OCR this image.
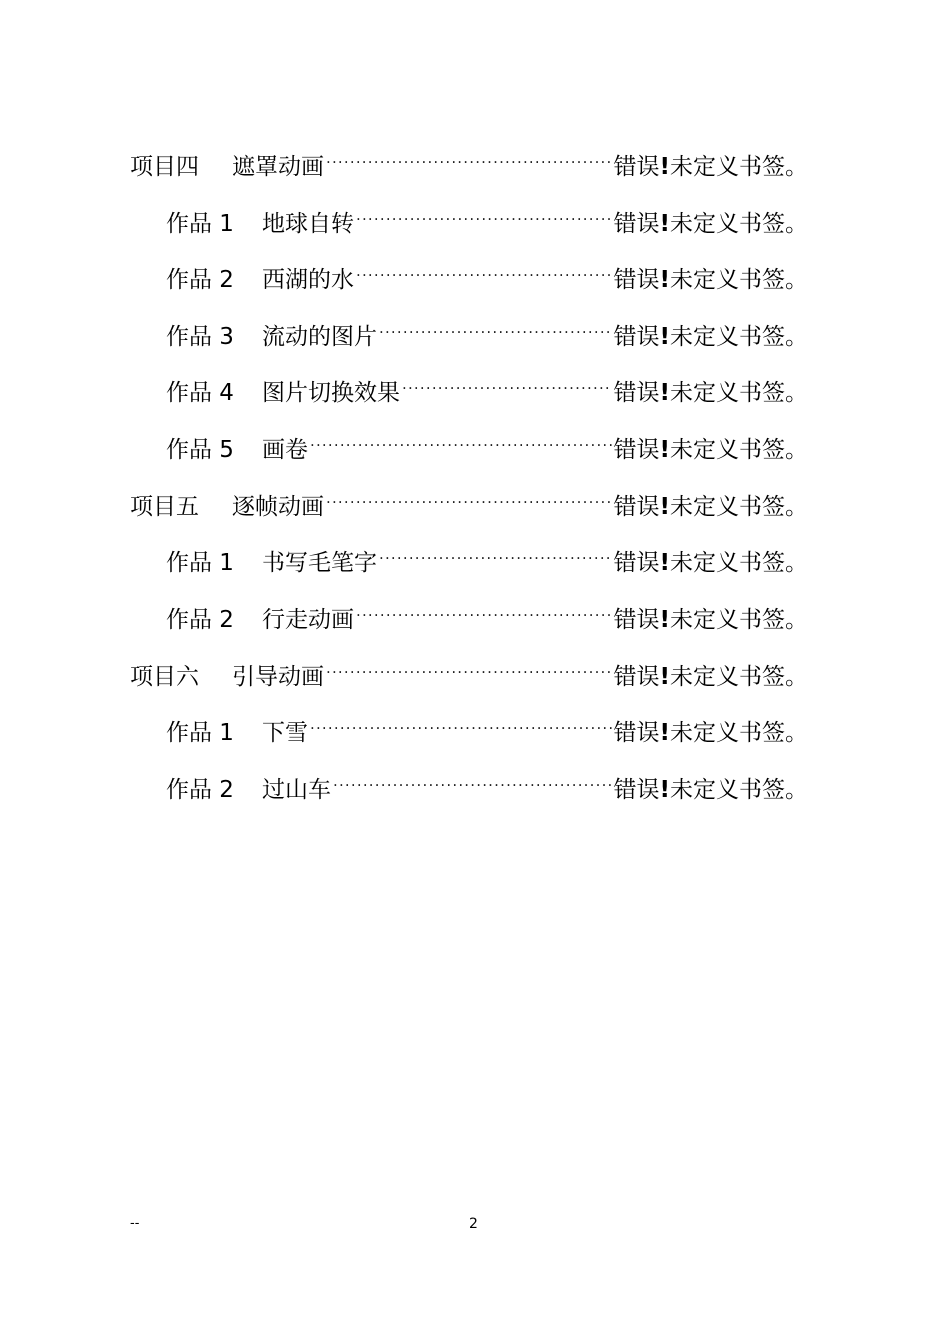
项目四	遮罩动画 .....	错误!未定义书签。
作品 1	地球自转 .....	错误!未定义书签。
作品 2	西湖的水 .....	错误!未定义书签。
作品 3	流动的图片 .....	错误!未定义书签。
作品 4	图片切换效果 .....	错误!未定义书签。
作品 5	画卷 .....	错误!未定义书签。
项目五	逐帧动画 .....	错误!未定义书签。
作品 1	书写毛笔字 .....	错误!未定义书签。
作品 2	行走动画 .....	错误!未定义书签。
项目六	引导动画 .....	错误!未定义书签。
作品 1	下雪 .....	错误!未定义书签。
作品 2	过山车 .....	错误!未定义书签。
--	2
